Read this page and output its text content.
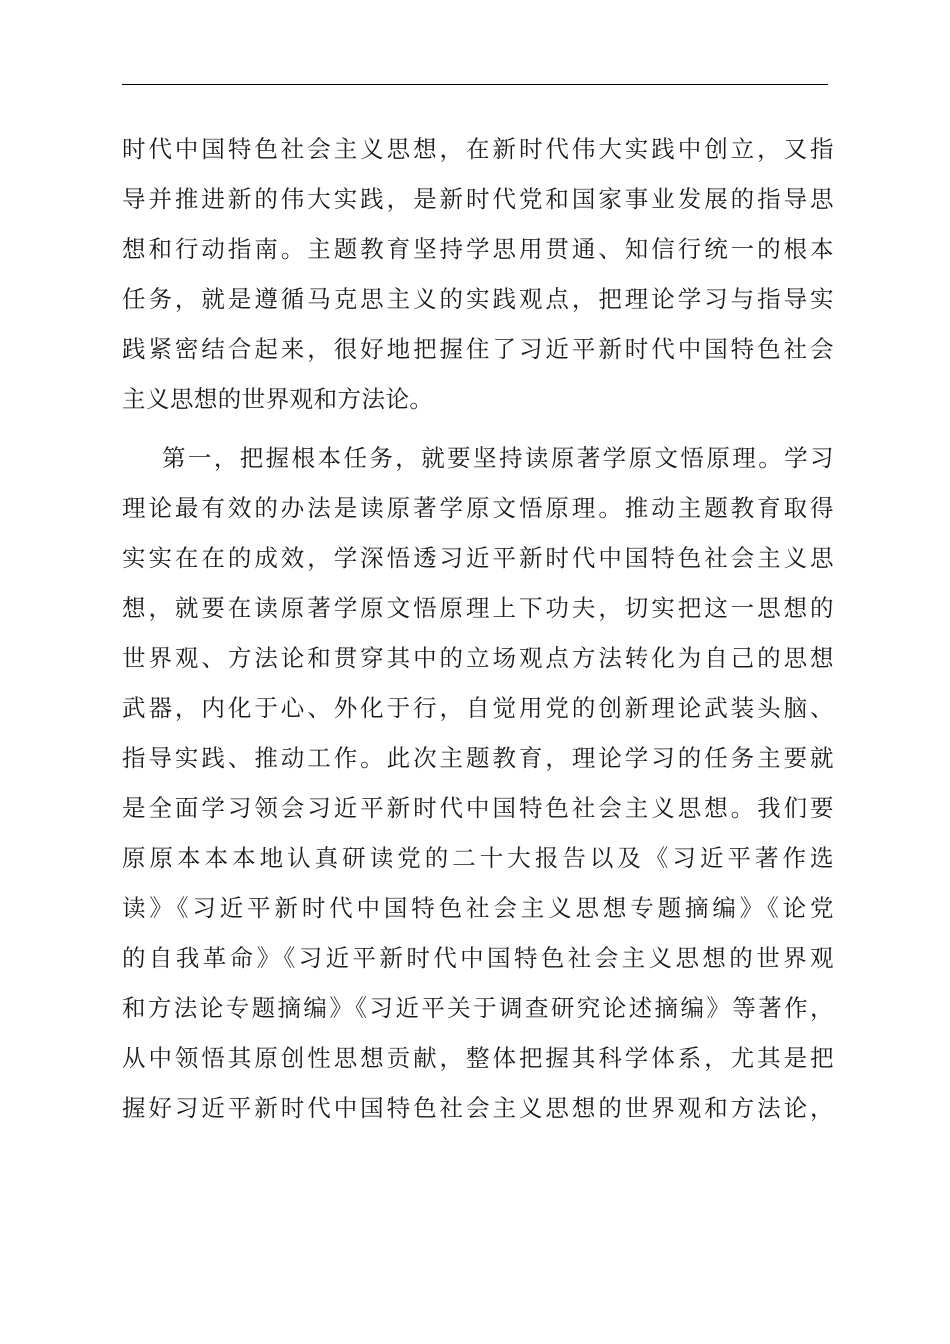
时代中国特色社会主义思想，在新时代伟大实践中创立，又指
导并推进新的伟大实践，是新时代党和国家事业发展的指导思
想和行动指南。主题教育坚持学思用贯通、知信行统一的根本
任务，就是遵循马克思主义的实践观点，把理论学习与指导实
践紧密结合起来，很好地把握住了习近平新时代中国特色社会
主义思想的世界观和方法论。
第一，把握根本任务，就要坚持读原著学原文悟原理。学习
理论最有效的办法是读原著学原文悟原理。推动主题教育取得
实实在在的成效，学深悟透习近平新时代中国特色社会主义思
想，就要在读原著学原文悟原理上下功夫，切实把这一思想的
世界观、方法论和贯穿其中的立场观点方法转化为自己的思想
武器，内化于心、外化于行，自觉用党的创新理论武装头脑、
指导实践、推动工作。此次主题教育，理论学习的任务主要就
是全面学习领会习近平新时代中国特色社会主义思想。我们要
原原本本本地认真研读党的二十大报告以及《习近平著作选
读》《习近平新时代中国特色社会主义思想专题摘编》《论党
的自我革命》《习近平新时代中国特色社会主义思想的世界观
和方法论专题摘编》《习近平关于调查研究论述摘编》等著作，
从中领悟其原创性思想贡献，整体把握其科学体系，尤其是把
握好习近平新时代中国特色社会主义思想的世界观和方法论，
